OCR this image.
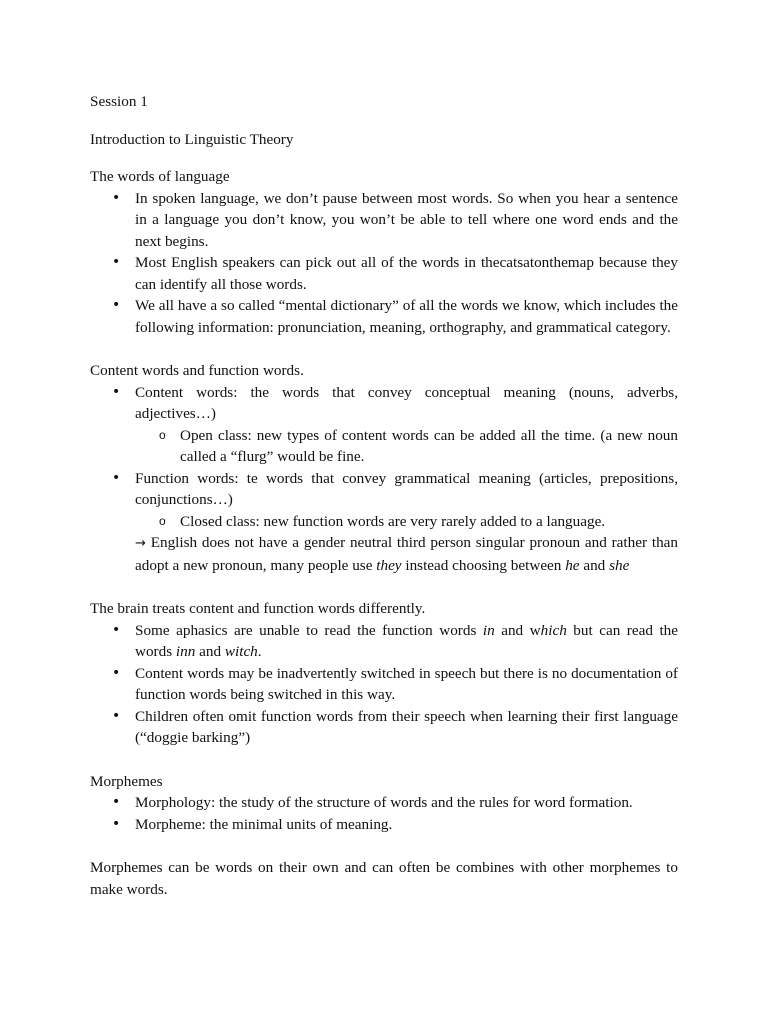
Session 1

Introduction to Linguistic Theory

The words of language

• In spoken language, we don’t pause between most words. So when you hear a sentence in a language you don’t know, you won’t be able to tell where one word ends and the next begins.
• Most English speakers can pick out all of the words in thecatsatonthemap because they can identify all those words.
• We all have a so called “mental dictionary” of all the words we know, which includes the following information: pronunciation, meaning, orthography, and grammatical category.

Content words and function words.

• Content words: the words that convey conceptual meaning (nouns, adverbs, adjectives…)
o Open class: new types of content words can be added all the time. (a new noun called a “flurg” would be fine.
• Function words: te words that convey grammatical meaning (articles, prepositions, conjunctions…)
o Closed class: new function words are very rarely added to a language.

→ English does not have a gender neutral third person singular pronoun and rather than adopt a new pronoun, many people use they instead choosing between he and she

The brain treats content and function words differently.

• Some aphasics are unable to read the function words in and which but can read the words inn and witch.
• Content words may be inadvertently switched in speech but there is no documentation of function words being switched in this way.
• Children often omit function words from their speech when learning their first language (“doggie barking”)

Morphemes

• Morphology: the study of the structure of words and the rules for word formation.
• Morpheme: the minimal units of meaning.

Morphemes can be words on their own and can often be combines with other morphemes to make words.
